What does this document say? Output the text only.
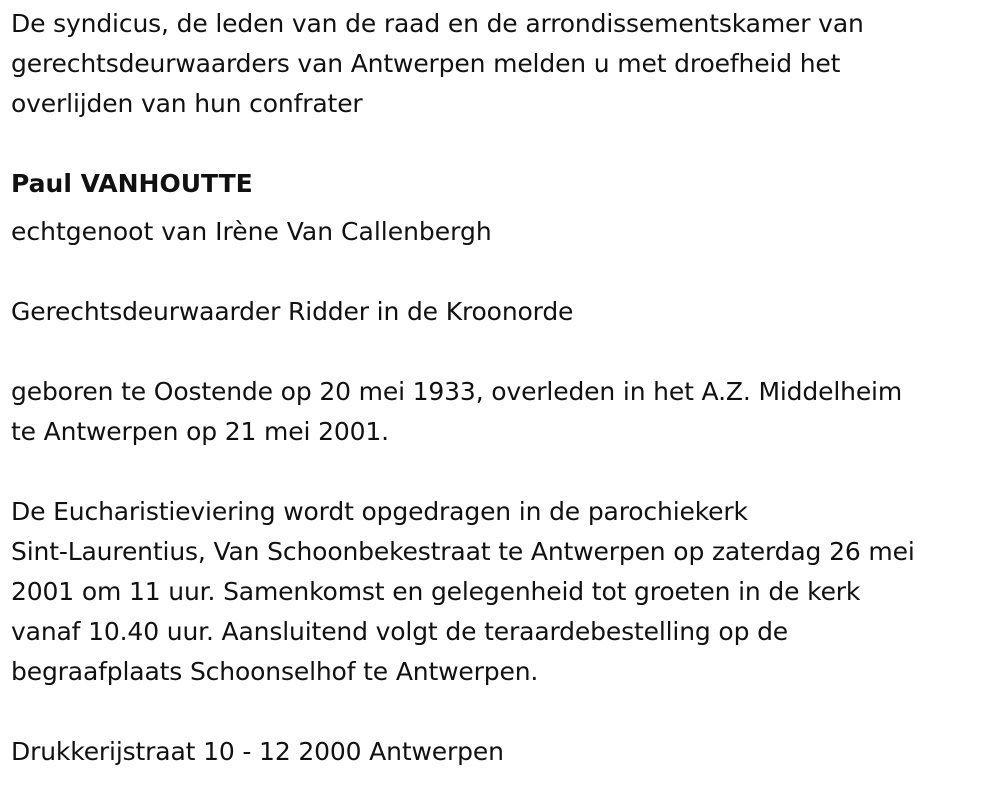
De syndicus, de leden van de raad en de arrondissementskamer van
gerechtsdeurwaarders van Antwerpen melden u met droefheid het
overlijden van hun confrater
Paul VANHOUTTE
echtgenoot van Irène Van Callenbergh
Gerechtsdeurwaarder Ridder in de Kroonorde
geboren te Oostende op 20 mei 1933, overleden in het A.Z. Middelheim
te Antwerpen op 21 mei 2001.
De Eucharistieviering wordt opgedragen in de parochiekerk
Sint-Laurentius, Van Schoonbekestraat te Antwerpen op zaterdag 26 mei
2001 om 11 uur. Samenkomst en gelegenheid tot groeten in de kerk
vanaf 10.40 uur. Aansluitend volgt de teraardebestelling op de
begraafplaats Schoonselhof te Antwerpen.
Drukkerijstraat 10 - 12 2000 Antwerpen
